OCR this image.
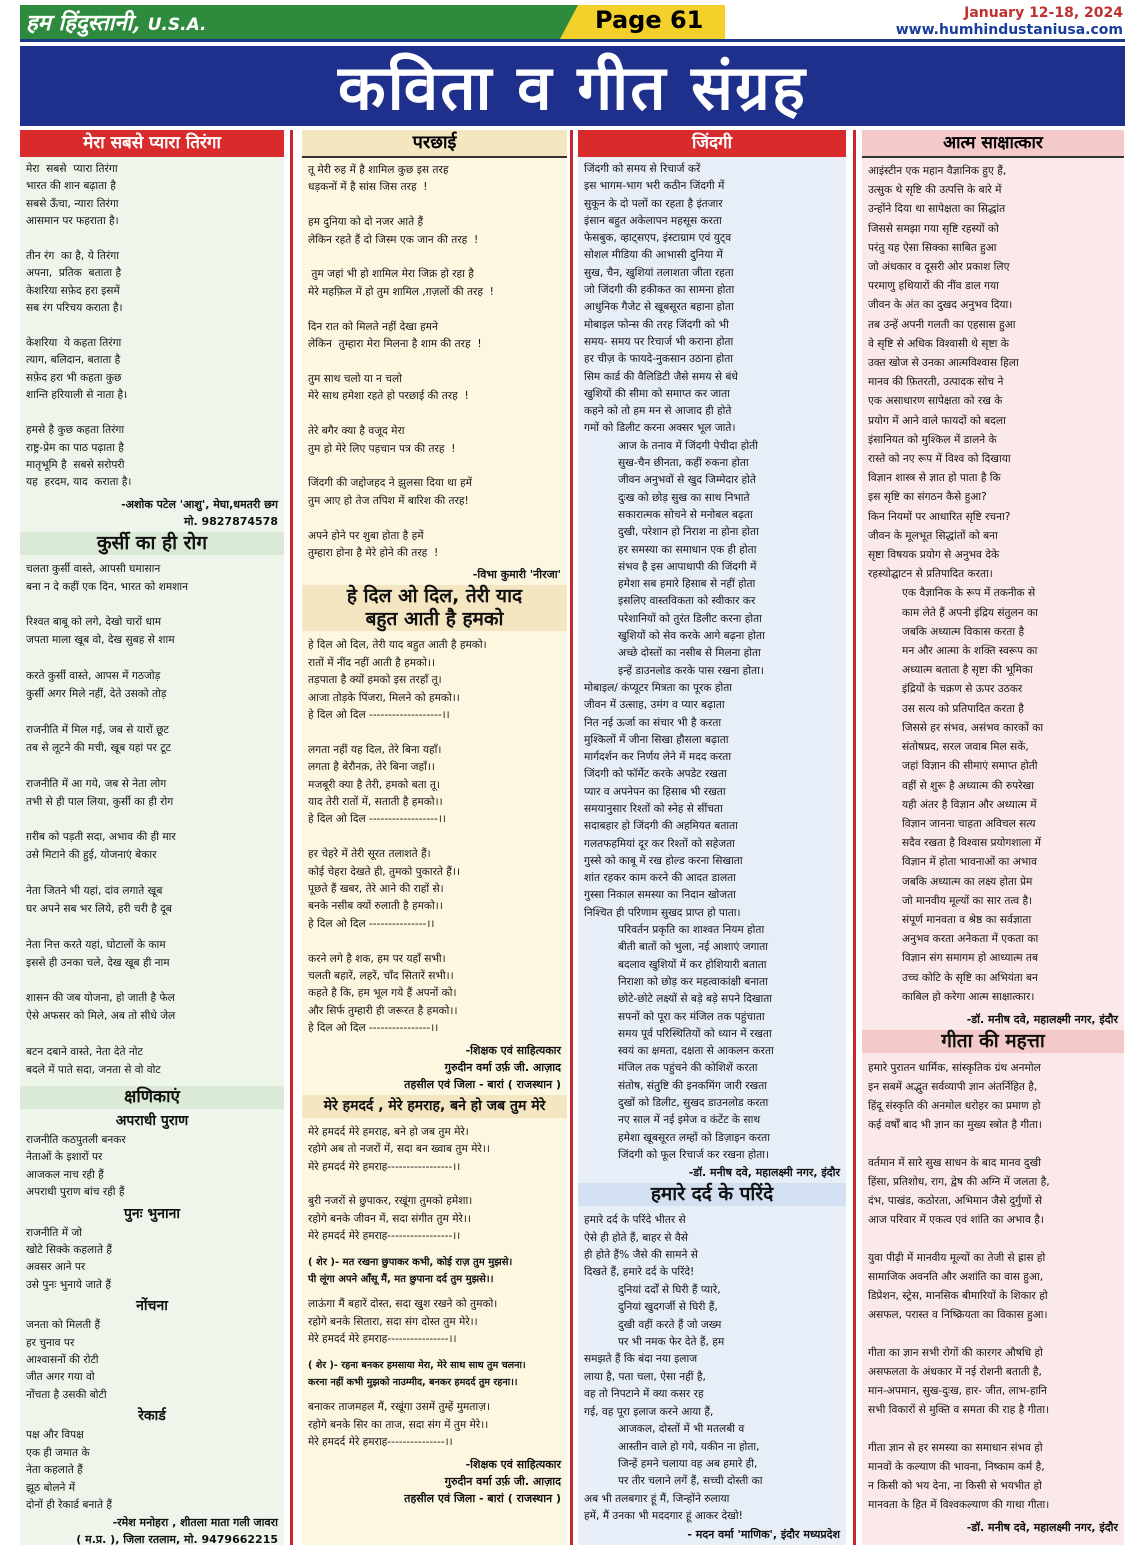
हम हिंदुस्तानी, U.S.A.	Page 61	January 12-18, 2024
www.humhindustaniusa.com
कविता व गीत संग्रह
मेरा सबसे प्यारा तिरंगा

मेरा  सबसे  प्यारा तिरंगा
भारत की शान बढ़ाता है
सबसे ऊँचा, न्यारा तिरंगा
आसमान पर फहराता है।

तीन रंग  का है, ये तिरंगा
अपना,  प्रतिक  बताता है
केशरिया सफ़ेद हरा इसमें
सब रंग परिचय कराता है।

केशरिया  ये कहता तिरंगा
त्याग, बलिदान, बताता है
सफ़ेद हरा भी कहता कुछ
शान्ति हरियाली से नाता है।

हमसे है कुछ कहता तिरंगा
राष्ट्र-प्रेम का पाठ पढ़ाता है
मातृभूमि है  सबसे सरोपरी
यह  हरदम, याद  कराता है।

-अशोक पटेल 'आशु', मेघा,धमतरी छग
मो. 9827874578

कुर्सी का ही रोग

चलता कुर्सी वास्ते, आपसी घमासान
बना न दे कहीं एक दिन, भारत को शमशान

रिश्वत बाबू को लगे, देखो चारों धाम
जपता माला खूब वो, देख सुबह से शाम

करते कुर्सी वास्ते, आपस में गठजोड़
कुर्सी अगर मिले नहीं, देते उसको तोड़

राजनीति में मिल गई, जब से यारों छूट
तब से लूटने की मची, खूब यहां पर टूट

राजनीति में आ गये, जब से नेता लोग
तभी से ही पाल लिया, कुर्सी का ही रोग

ग़रीब को पड़ती सदा, अभाव की ही मार
उसे मिटाने की हुई, योजनाएं बेकार

नेता जितने भी यहां, दांव लगाते खूब
घर अपने सब भर लिये, हरी चरी है दूब

नेता नित्त करते यहां, घोटालों के काम
इससे ही उनका चले, देख खूब ही नाम

शासन की जब योजना, हो जाती है फेल
ऐसे अफसर को मिले, अब तो सीधे जेल

बटन दबाने वास्ते, नेता देते नोट
बदले में पाते सदा, जनता से वो वोट

क्षणिकाएं
अपराधी पुराण

राजनीति कठपुतली बनकर
नेताओं के इशारों पर
आजकल नाच रही हैं
अपराधी पुराण बांच रही हैं

पुनः भुनाना

राजनीति में जो
खोटे सिक्के कहलाते हैं
अवसर आने पर
उसे पुनः भुनाये जाते हैं

नोंचना

जनता को मिलती हैं
हर चुनाव पर
आश्वासनों की रोटी
जीत अगर गया वो
नोंचता है उसकी बोटी

रेकार्ड

पक्ष और विपक्ष
एक ही जमात के
नेता कहलाते हैं
झूठ बोलने में
दोनों ही रेकार्ड बनाते हैं

-रमेश मनोहरा , शीतला माता गली जावरा
( म.प्र. ), जिला रतलाम, मो. 9479662215

परछाई

तू मेरी रुह में है शामिल कुछ इस तरह
धड़कनों में है सांस जिस तरह  !

हम दुनिया को दो नजर आते हैं
लेकिन रहते हैं दो जिस्म एक जान की तरह  !

तुम जहां भी हो शामिल मेरा जिक्र हो रहा है
मेरे महफ़िल में हो तुम शामिल ,ग़ज़लों की तरह  !

दिन रात को मिलते नहीं देखा हमने
लेकिन  तुम्हारा मेरा मिलना है शाम की तरह  !

तुम साथ चलो या न चलो
मेरे साथ हमेशा रहते हो परछाई की तरह  !

तेरे बगैर क्या है वजूद मेरा
तुम हो मेरे लिए पहचान पत्र की तरह  !

जिंदगी की जद्दोजहद ने झुलसा दिया था हमें
तुम आए हो तेज तपिश में बारिश की तरह!

अपने होने पर शुबा होता है हमें
तुम्हारा होना है मेरे होने की तरह  !

-विभा कुमारी 'नीरजा'

हे दिल ओ दिल, तेरी याद
बहुत आती है हमको

हे दिल ओ दिल, तेरी याद बहुत आती है हमको।
रातों में नींद नहीं आती है हमको।।
तड़पाता है क्यों हमको इस तरहाँ तू।
आजा तोड़के पिंजरा, मिलने को हमको।।
हे दिल ओ दिल -------------------।।

लगता नहीं यह दिल, तेरे बिना यहाँ।
लगता है बेरौनक़, तेरे बिना जहाँ।।
मजबूरी क्या है तेरी, हमको बता तू।
याद तेरी रातों में, सताती है हमको।।
हे दिल ओ दिल ------------------।।

हर चेहरे में तेरी सूरत तलाशते हैं।
कोई चेहरा देखते ही, तुमको पुकारते हैं।।
पूछते हैं खबर, तेरे आने की राहों से।
बनके नसीब क्यों रुलाती है हमको।।
हे दिल ओ दिल ---------------।।

करने लगे है शक, हम पर यहाँ सभी।
चलती बहारें, लहरें, चाँद सितारें सभी।।
कहते है कि, हम भूल गये हैं अपनों को।
और सिर्फ तुम्हारी ही जरूरत है हमको।।
हे दिल ओ दिल ----------------।।

-शिक्षक एवं साहित्यकार
गुरुदीन वर्मा उर्फ़ जी. आज़ाद
तहसील एवं जिला - बारां ( राजस्थान )

मेरे हमदर्द , मेरे हमराह, बने हो जब तुम मेरे

मेरे हमदर्द मेरे हमराह, बने हो जब तुम मेरे।
रहोगे अब तो नजरों में, सदा बन ख्वाब तुम मेरे।।
मेरे हमदर्द मेरे हमराह-----------------।।

बुरी नजरों से छुपाकर, रखूंगा तुमको हमेशा।
रहोगे बनके जीवन में, सदा संगीत तुम मेरे।।
मेरे हमदर्द मेरे हमराह-----------------।।

( शेर )- मत रखना छुपाकर कभी, कोई राज़ तुम मुझसे।
पी लूंगा अपने आँसू मैं, मत छुपाना दर्द तुम मुझसे।।

लाऊंगा मैं बहारें दोस्त, सदा खुश रखने को तुमको।
रहोगे बनके सितारा, सदा संग दोस्त तुम मेरे।।
मेरे हमदर्द मेरे हमराह----------------।।

( शेर )- रहना बनकर हमसाया मेरा, मेरे साथ साथ तुम चलना।
करना नहीं कभी मुझको नाउम्मीद, बनकर हमदर्द तुम रहना।।

बनाकर ताजमहल मैं, रखूंगा उसमें तुम्हें मुमताज़।
रहोगे बनके सिर का ताज, सदा संग में तुम मेरे।।
मेरे हमदर्द मेरे हमराह---------------।।

-शिक्षक एवं साहित्यकार
गुरुदीन वर्मा उर्फ़ जी. आज़ाद
तहसील एवं जिला - बारां ( राजस्थान )

जिंदगी

जिंदगी को समय से रिचार्ज करें
इस भागम-भाग भरी कठीन जिंदगी में
सुकून के दो पलों का रहता है इंतजार
इंसान बहुत अकेलापन महसूस करता
फेसबुक, व्हाट्सएप, इंस्टाग्राम एवं युट्व
सोशल मीडिया की आभासी दुनिया में
सुख, चैन, खुशियां तलाशता जीता रहता
जो जिंदगी की हकीकत का सामना होता
आधुनिक गैजेट से खूबसूरत बहाना होता
मोबाइल फोन्स की तरह जिंदगी को भी
समय- समय पर रिचार्ज भी कराना होता
हर चीज़ के फायदे-नुकसान उठाना होता
सिम कार्ड की वैलिडिटी जैसे समय से बंधे
खुशियों की सीमा को समाप्त कर जाता
कहने को तो हम मन से आजाद ही होते
गमों को डिलीट करना अक्सर भूल जाते।

आज के तनाव में जिंदगी पेचीदा होती
सुख-चैन छीनता, कहीं रुकना होता
जीवन अनुभवों से खुद जिम्मेदार होते
दुःख को छोड़ सुख का साथ निभाते
सकारात्मक सोचने से मनोबल बढ़ता
दुखी, परेशान हो निराश ना होना होता
हर समस्या का समाधान एक ही होता
संभव है इस आपाधापी की जिंदगी में
हमेशा सब हमारे हिसाब से नहीं होता
इसलिए वास्तविकता को स्वीकार कर
परेशानियों को तुरंत डिलीट करना होता
खुशियों को सेव करके आगे बढ़ना होता
अच्छे दोस्तों का नसीब से मिलना होता
इन्हें डाउनलोड करके पास रखना होता।

मोबाइल/ कंप्यूटर मित्रता का पूरक होता
जीवन में उत्साह, उमंग व प्यार बढ़ाता
नित नई ऊर्जा का संचार भी है करता
मुश्किलों में जीना सिखा हौसला बढ़ाता
मार्गदर्शन कर निर्णय लेने में मदद करता
जिंदगी को फॉर्मेट करके अपडेट रखता
प्यार व अपनेपन का हिसाब भी रखता
समयानुसार रिश्तों को स्नेह से सींचता
सदाबहार हो जिंदगी की अहमियत बताता
गलतफहमियां दूर कर रिश्तों को सहेजता
गुस्से को काबू में रख होल्ड करना सिखाता
शांत रहकर काम करने की आदत डालता
गुस्सा निकाल समस्या का निदान खोजता
निश्चित ही परिणाम सुखद प्राप्त हो पाता।

परिवर्तन प्रकृति का शाश्वत नियम होता
बीती बातों को भुला, नई आशाएं जगाता
बदलाव खुशियों में कर होशियारी बताता
निराशा को छोड़ कर महत्वाकांक्षी बनाता
छोटे-छोटे लक्ष्यों से बड़े बड़े सपने दिखाता
सपनों को पूरा कर मंजिल तक पहुंचाता
समय पूर्व परिस्थितियों को ध्यान में रखता
स्वयं का क्षमता, दक्षता से आकलन करता
मंजिल तक पहुंचने की कोशिशें करता
संतोष, संतुष्टि की इनकमिंग जारी रखता
दुखों को डिलीट, सुखद डाउनलोड करता
नए साल में नई इमेज व कंटेंट के साथ
हमेशा खूबसूरत लम्हों को डिज़ाइन करता
जिंदगी को फूल रिचार्ज कर रखना होता।

-डॉ. मनीष दवे, महालक्ष्मी नगर, इंदौर

हमारे दर्द के परिंदे

हमारे दर्द के परिंदे भीतर से
ऐसे ही होते हैं, बाहर से वैसे
ही होते हैं% जैसे की सामने से
दिखते हैं, हमारे दर्द के परिंदे!

दुनियां दर्दों से घिरी हैं प्यारे,
दुनियां खुदगर्जी से घिरी हैं,
दुखी वहीं करते हैं जो जख्म
पर भी नमक फेर देते हैं, हम

समझते हैं कि बंदा नया इलाज
लाया है, पता चला, ऐसा नहीं है,
वह तो निपटाने में क्या कसर रह
गई, वह पूरा इलाज करने आया हैं,

आजकल, दोस्तों में भी मतलबी व
आस्तीन वाले हो गये, यकीन ना होता,
जिन्हें हमने चलाया वह अब हमारे ही,
पर तीर चलाने लगें हैं, सच्ची दोस्ती का

अब भी तलबगार हूं मैं, जिन्होंने रुलाया
हमें, मैं उनका भी मददगार हूं आकर देखो!

- मदन वर्मा 'माणिक', इंदौर मध्यप्रदेश

आत्म साक्षात्कार

आइंस्टीन एक महान वैज्ञानिक हुए हैं,
उत्सुक थे सृष्टि की उत्पत्ति के बारे में
उन्होंने दिया था सापेक्षता का सिद्धांत
जिससे समझा गया सृष्टि रहस्यों को
परंतु यह ऐसा सिक्का साबित हुआ
जो अंधकार व दूसरी ओर प्रकाश लिए
परमाणु हथियारों की नींव डाल गया
जीवन के अंत का दुखद अनुभव दिया।
तब उन्हें अपनी गलती का एहसास हुआ
वे सृष्टि से अधिक विश्वासी थे सृष्टा के
उक्त खोज से उनका आत्मविश्वास हिला
मानव की फ़ितरती, उत्पादक सोच ने
एक असाधारण सापेक्षता को रख के
प्रयोग में आने वाले फायदों को बदला
इंसानियत को मुश्किल में डालने के
रास्ते को नए रूप में विश्व को दिखाया
विज्ञान शास्त्र से ज्ञात हो पाता है कि
इस सृष्टि का संगठन कैसे हुआ?
किन नियमों पर आधारित सृष्टि रचना?
जीवन के मूलभूत सिद्धांतों को बना
सृष्टा विषयक प्रयोग से अनुभव देके
रहस्योद्घाटन से प्रतिपादित करता।

एक वैज्ञानिक के रूप में तकनीक से
काम लेते हैं अपनी इंद्रिय संतुलन का
जबकि अध्यात्म विकास करता है
मन और आत्मा के शक्ति स्वरूप का
अध्यात्म बताता है सृष्टा की भूमिका
इंद्रियों के चक्रण से ऊपर उठकर
उस सत्य को प्रतिपादित करता है
जिससे हर संभव, असंभव कारकों का
संतोषप्रद, सरल जवाब मिल सकें,
जहां विज्ञान की सीमाएं समाप्त होती
वहीं से शुरू है अध्यात्म की रुपरेखा
यही अंतर है विज्ञान और अध्यात्म में
विज्ञान जानना चाहता अविचल सत्य
सदैव रखता है विश्वास प्रयोगशाला में
विज्ञान में होता भावनाओं का अभाव
जबकि अध्यात्म का लक्ष्य होता प्रेम
जो मानवीय मूल्यों का सार तत्व है।
संपूर्ण मानवता व श्रेष्ठ का सर्वज्ञाता
अनुभव करता अनेकता में एकता का
विज्ञान संग समागम हो आध्यात्म तब
उच्च कोटि के सृष्टि का अभियंता बन
काबिल हो करेगा आत्म साक्षात्कार।

-डॉ. मनीष दवे, महालक्ष्मी नगर, इंदौर

गीता की महत्ता

हमारे पुरातन धार्मिक, सांस्कृतिक ग्रंथ अनमोल
इन सबमें अद्भुत सर्वव्यापी ज्ञान अंतर्निहित है,
हिंदू संस्कृति की अनमोल धरोहर का प्रमाण हो
कई वर्षों बाद भी ज्ञान का मुख्य स्त्रोत है गीता।

वर्तमान में सारे सुख साधन के बाद मानव दुखी
हिंसा, प्रतिशोध, राग, द्वेष की अग्नि में जलता है,
दंभ, पाखंड, कठोरता, अभिमान जैसे दुर्गुणों से
आज परिवार में एकत्व एवं शांति का अभाव है।

युवा पीढ़ी में मानवीय मूल्यों का तेजी से ह्रास हो
सामाजिक अवनति और अशांति का वास हुआ,
डिप्रेशन, स्ट्रेस, मानसिक बीमारियों के शिकार हो
असफल, परास्त व निष्क्रियता का विकास हुआ।

गीता का ज्ञान सभी रोगों की कारगर औषधि हो
असफलता के अंधकार में नई रोशनी बताती है,
मान-अपमान, सुख-दुःख, हार- जीत, लाभ-हानि
सभी विकारों से मुक्ति व समता की राह है गीता।

गीता ज्ञान से हर समस्या का समाधान संभव हो
मानवों के कल्याण की भावना, निष्काम कर्म है,
न किसी को भय देना, ना किसी से भयभीत हो
मानवता के हित में विश्वकल्याण की गाथा गीता।

-डॉ. मनीष दवे, महालक्ष्मी नगर, इंदौर
